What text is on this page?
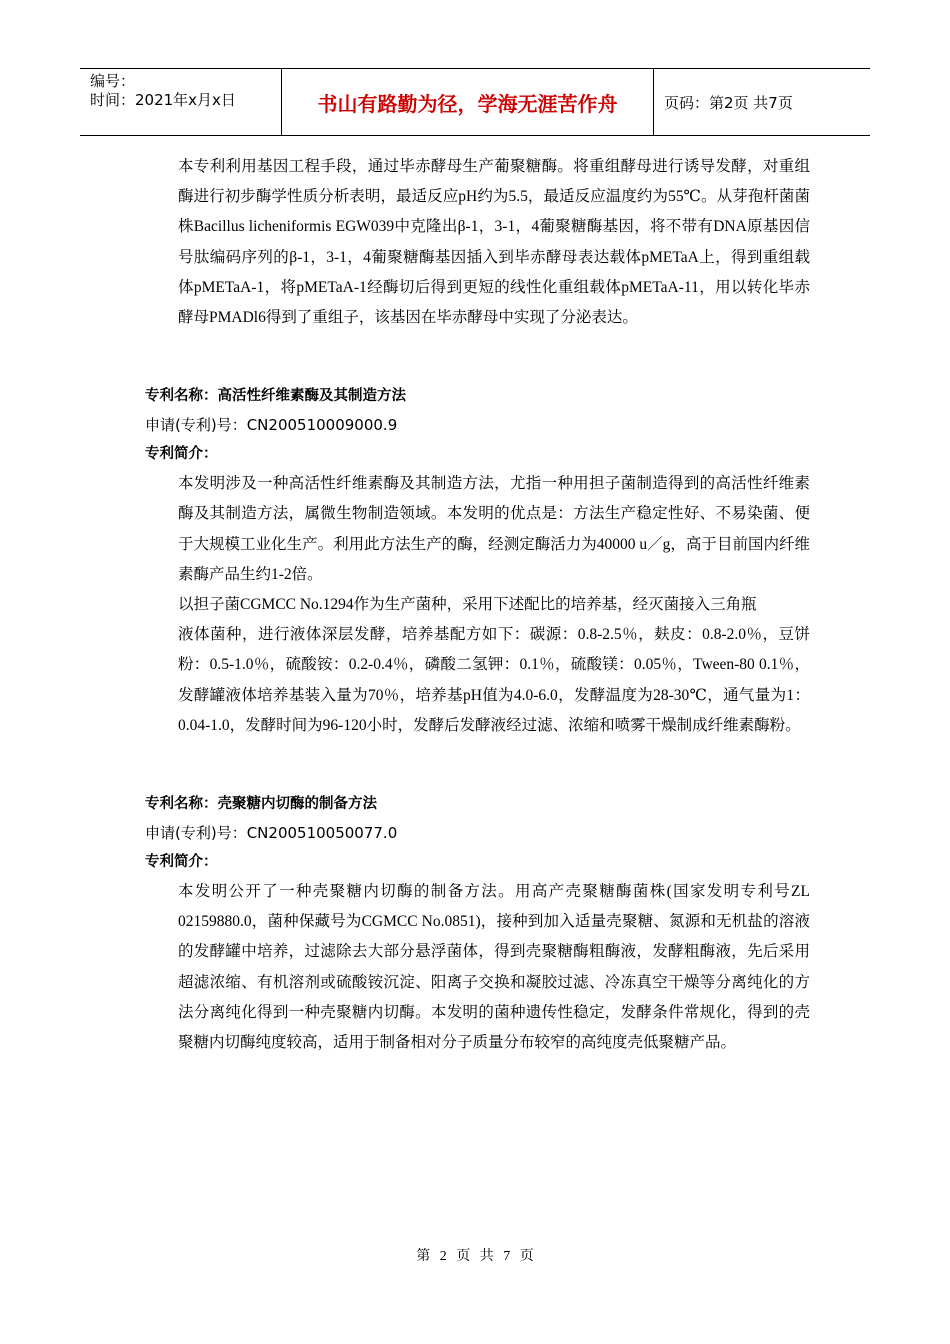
编号：
时间：2021年x月x日	书山有路勤为径，学海无涯苦作舟	页码：第2页 共7页

本专利利用基因工程手段，通过毕赤酵母生产葡聚糖酶。将重组酵母进行诱导发酵，对重组酶进行初步酶学性质分析表明，最适反应pH约为5.5，最适反应温度约为55℃。从芽孢杆菌菌株Bacillus licheniformis EGW039中克隆出β-1，3-1，4葡聚糖酶基因，将不带有DNA原基因信号肽编码序列的β-1，3-1，4葡聚糖酶基因插入到毕赤酵母表达载体pMETaA上，得到重组载体pMETaA-1，将pMETaA-1经酶切后得到更短的线性化重组载体pMETaA-11，用以转化毕赤酵母PMADl6得到了重组子，该基因在毕赤酵母中实现了分泌表达。

专利名称：高活性纤维素酶及其制造方法
申请(专利)号：CN200510009000.9
专利简介：

本发明涉及一种高活性纤维素酶及其制造方法，尤指一种用担子菌制造得到的高活性纤维素酶及其制造方法，属微生物制造领域。本发明的优点是：方法生产稳定性好、不易染菌、便于大规模工业化生产。利用此方法生产的酶，经测定酶活力为40000 u／g，高于目前国内纤维素酶产品生约1-2倍。

以担子菌CGMCC No.1294作为生产菌种，采用下述配比的培养基，经灭菌接入三角瓶

液体菌种，进行液体深层发酵，培养基配方如下：碳源：0.8-2.5％，麸皮：0.8-2.0％，豆饼粉：0.5-1.0％，硫酸铵：0.2-0.4％，磷酸二氢钾：0.1％，硫酸镁：0.05％，Tween-80 0.1％，发酵罐液体培养基装入量为70％，培养基pH值为4.0-6.0，发酵温度为28-30℃，通气量为1：0.04-1.0，发酵时间为96-120小时，发酵后发酵液经过滤、浓缩和喷雾干燥制成纤维素酶粉。

专利名称：壳聚糖内切酶的制备方法
申请(专利)号：CN200510050077.0
专利简介：

本发明公开了一种壳聚糖内切酶的制备方法。用高产壳聚糖酶菌株(国家发明专利号ZL 02159880.0，菌种保藏号为CGMCC No.0851)，接种到加入适量壳聚糖、氮源和无机盐的溶液的发酵罐中培养，过滤除去大部分悬浮菌体，得到壳聚糖酶粗酶液，发酵粗酶液，先后采用超滤浓缩、有机溶剂或硫酸铵沉淀、阳离子交换和凝胶过滤、冷冻真空干燥等分离纯化的方法分离纯化得到一种壳聚糖内切酶。本发明的菌种遗传性稳定，发酵条件常规化，得到的壳聚糖内切酶纯度较高，适用于制备相对分子质量分布较窄的高纯度壳低聚糖产品。

第 2 页 共 7 页
